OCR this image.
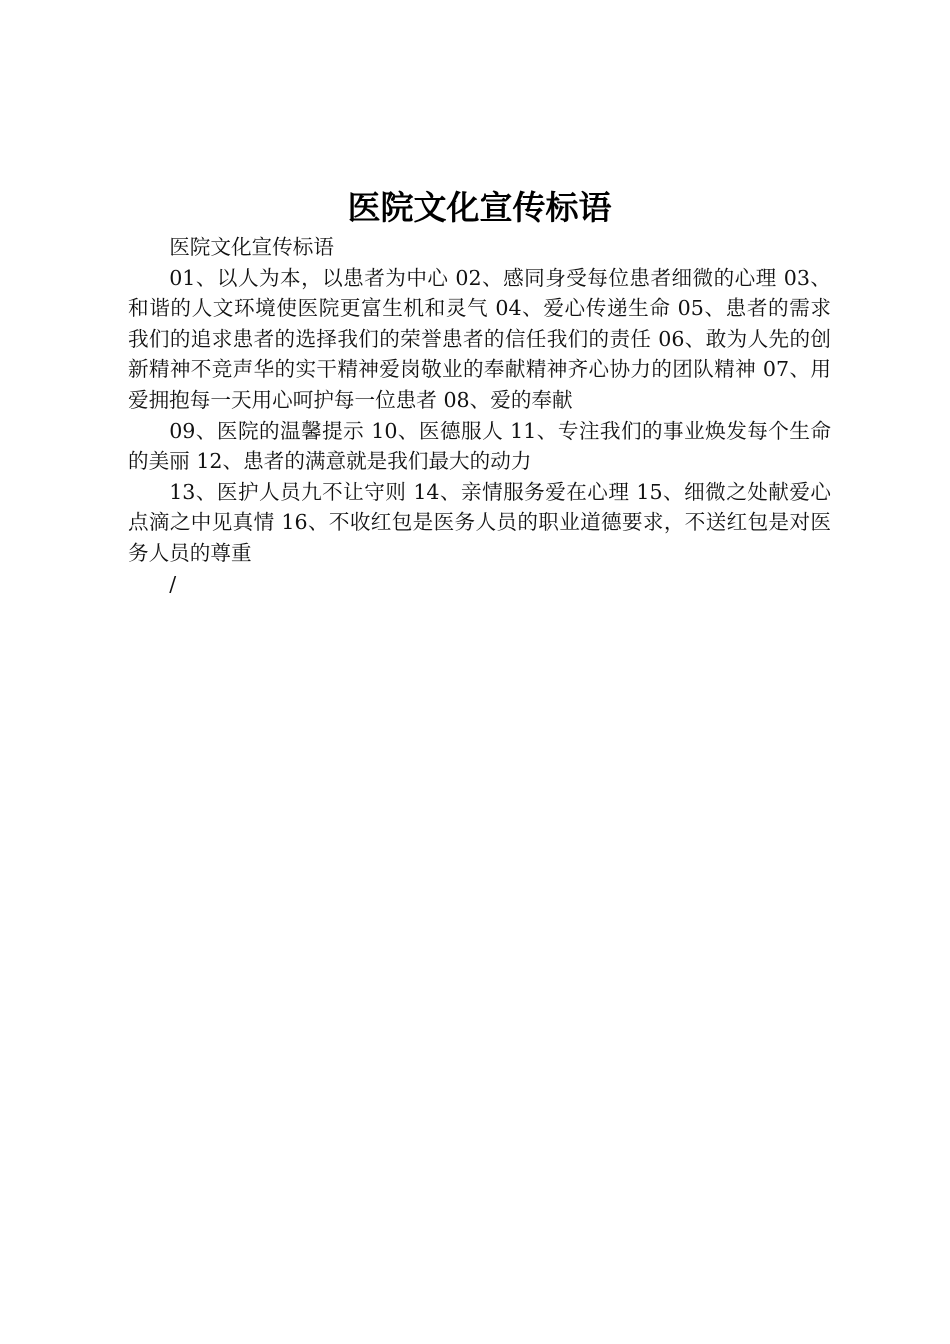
医院文化宣传标语

医院文化宣传标语

01、以人为本，以患者为中心 02、感同身受每位患者细微的心理 03、和谐的人文环境使医院更富生机和灵气 04、爱心传递生命 05、患者的需求我们的追求患者的选择我们的荣誉患者的信任我们的责任 06、敢为人先的创新精神不竞声华的实干精神爱岗敬业的奉献精神齐心协力的团队精神 07、用爱拥抱每一天用心呵护每一位患者 08、爱的奉献

09、医院的温馨提示 10、医德服人 11、专注我们的事业焕发每个生命的美丽 12、患者的满意就是我们最大的动力

13、医护人员九不让守则 14、亲情服务爱在心理 15、细微之处献爱心点滴之中见真情 16、不收红包是医务人员的职业道德要求，不送红包是对医务人员的尊重

/
